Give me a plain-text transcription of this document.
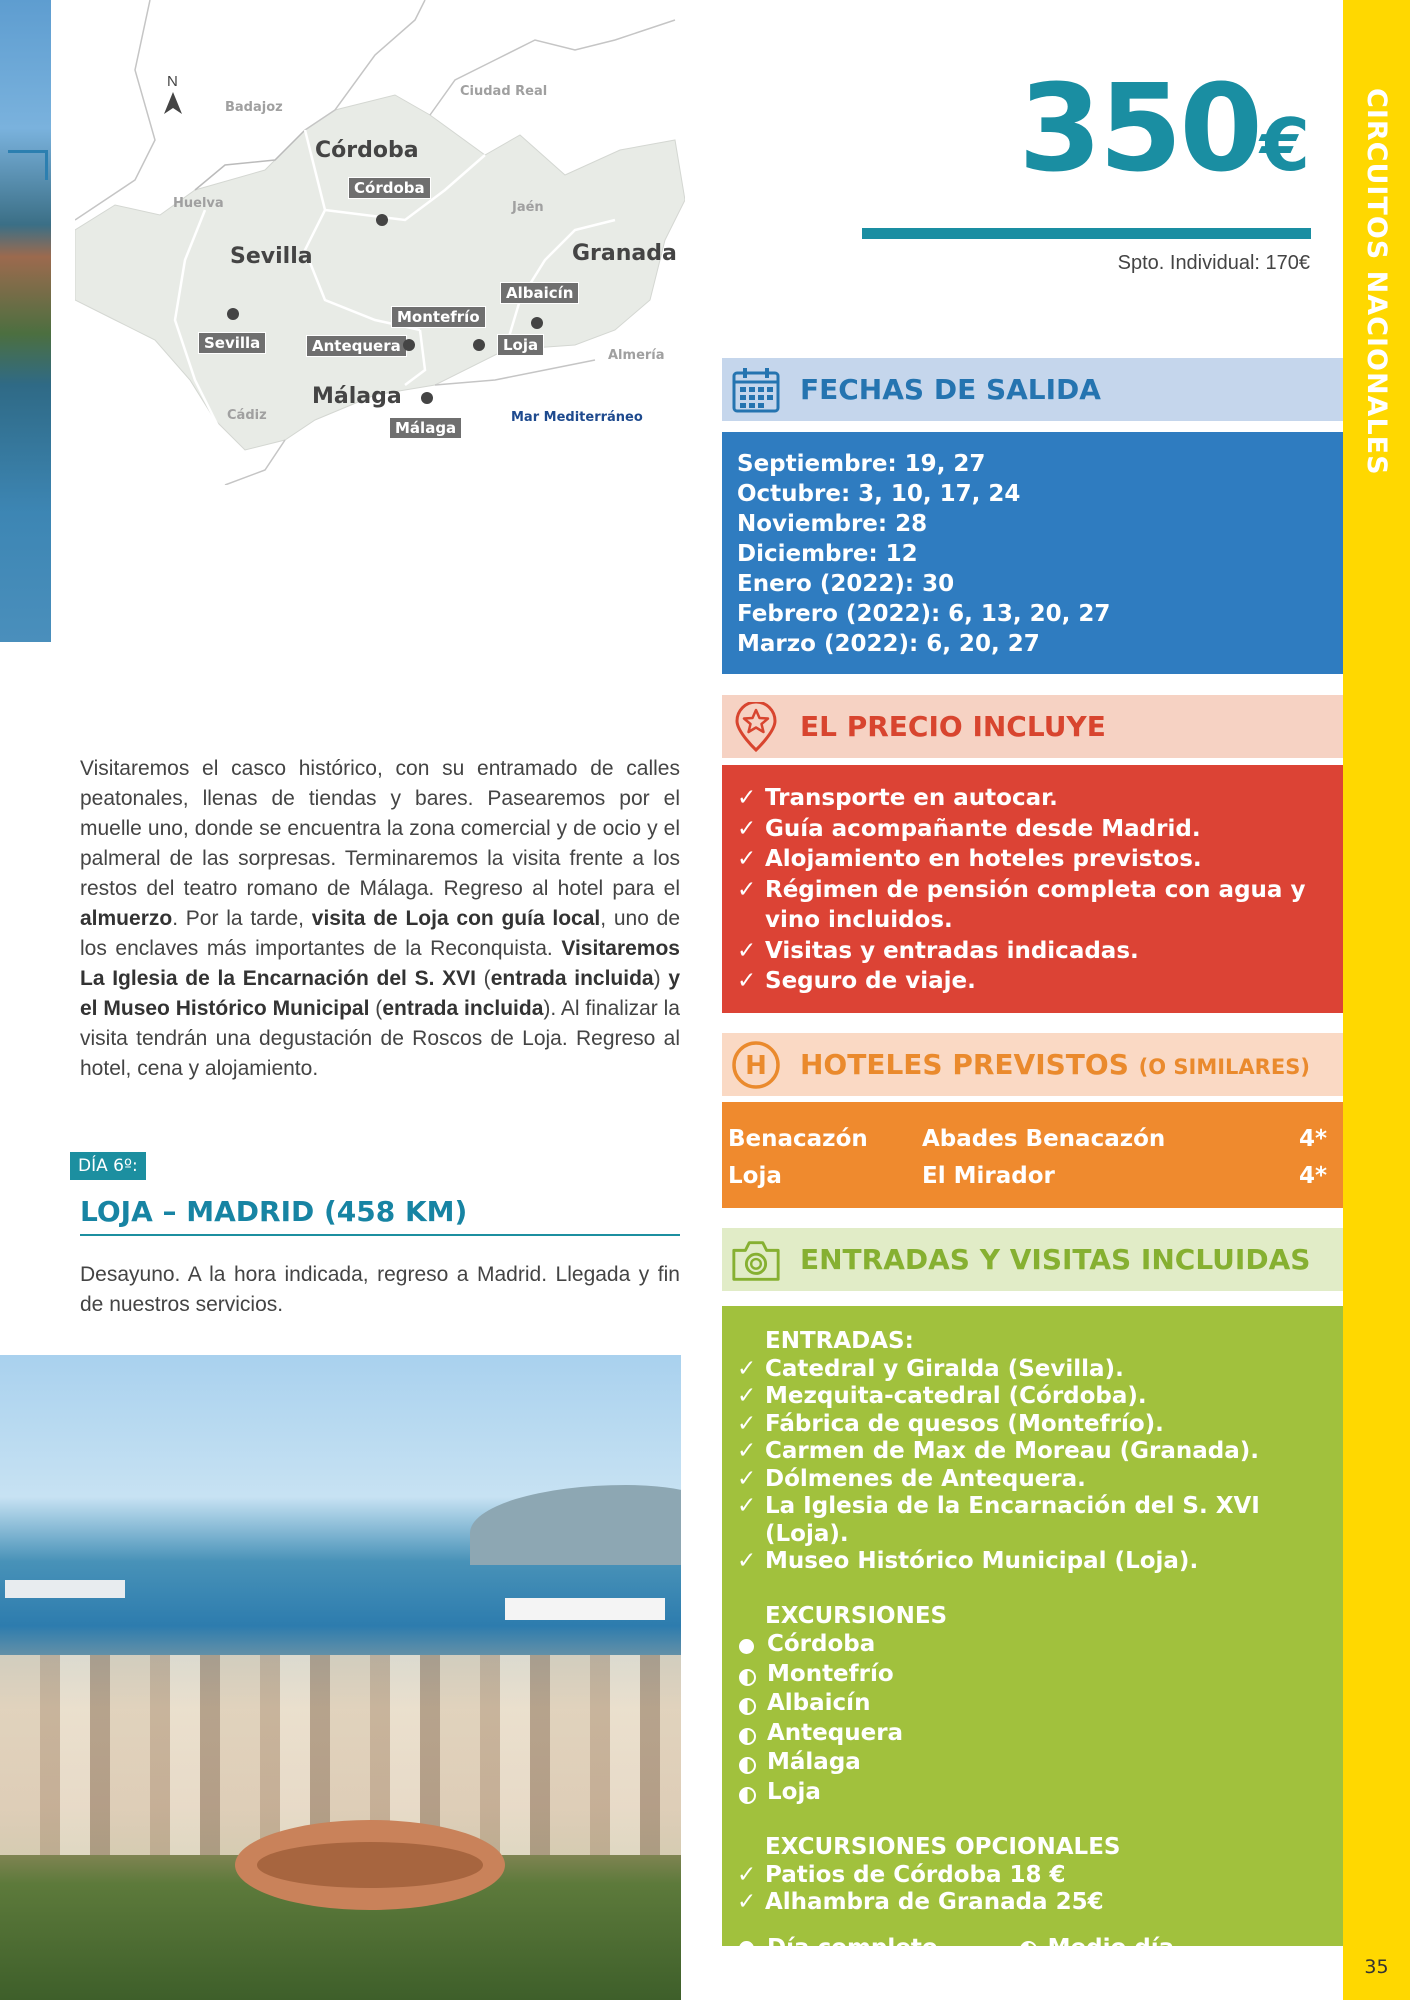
CIRCUITOS NACIONALES
35
N
Badajoz
Ciudad Real
Huelva	Jaén
Almería
Cádiz
Córdoba
Sevilla	Granada
Málaga
Córdoba
Albaicín
Montefrío
Sevilla	Antequera	Loja
Málaga
Mar Mediterráneo
Visitaremos el casco histórico, con su entramado de calles peatonales, llenas de tiendas y bares. Pasearemos por el muelle uno, donde se encuentra la zona comercial y de ocio y el palmeral de las sorpresas. Terminaremos la visita frente a los restos del teatro romano de Málaga. Regreso al hotel para el almuerzo. Por la tarde, visita de Loja con guía local, uno de los enclaves más importantes de la Reconquista. Visitaremos La Iglesia de la Encarnación del S. XVI (entrada incluida) y el Museo Histórico Municipal (entrada incluida). Al finalizar la visita tendrán una degustación de Roscos de Loja. Regreso al hotel, cena y alojamiento.
DÍA 6º:
LOJA – MADRID (458 KM)
Desayuno. A la hora indicada, regreso a Madrid. Llegada y fin de nuestros servicios.
350€
Spto. Individual: 170€
FECHAS DE SALIDA
Septiembre: 19, 27
Octubre: 3, 10, 17, 24
Noviembre: 28
Diciembre: 12
Enero (2022): 30
Febrero (2022): 6, 13, 20, 27
Marzo (2022): 6, 20, 27
EL PRECIO INCLUYE
✓ Transporte en autocar.
✓ Guía acompañante desde Madrid.
✓ Alojamiento en hoteles previstos.
✓ Régimen de pensión completa con agua y vino incluidos.
✓ Visitas y entradas indicadas.
✓ Seguro de viaje.
H HOTELES PREVISTOS (O SIMILARES)
Benacazón	Abades Benacazón	4*
Loja	El Mirador	4*
ENTRADAS Y VISITAS INCLUIDAS
ENTRADAS:
✓ Catedral y Giralda (Sevilla).
✓ Mezquita-catedral (Córdoba).
✓ Fábrica de quesos (Montefrío).
✓ Carmen de Max de Moreau (Granada).
✓ Dólmenes de Antequera.
✓ La Iglesia de la Encarnación del S. XVI (Loja).
✓ Museo Histórico Municipal (Loja).
EXCURSIONES
Córdoba
Montefrío
Albaicín
Antequera
Málaga
Loja
EXCURSIONES OPCIONALES
✓ Patios de Córdoba 18 €
✓ Alhambra de Granada 25€
Día completo	Medio día
